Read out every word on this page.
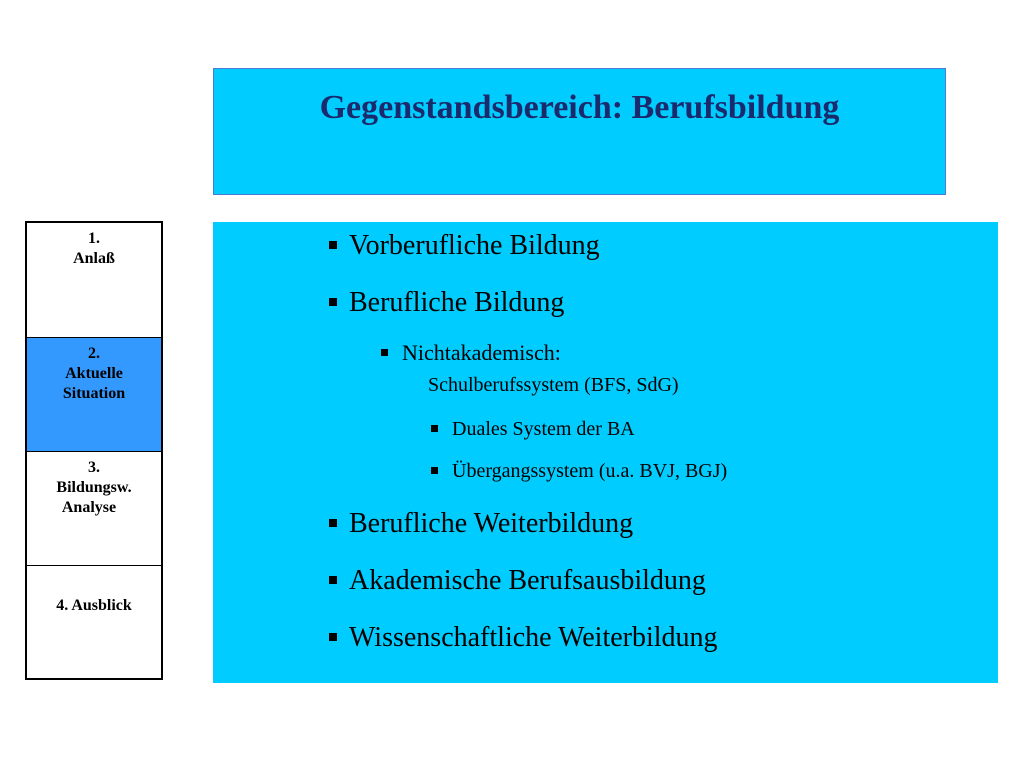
Gegenstandsbereich: Berufsbildung
1.
Anlaß
2.
Aktuelle
Situation
3.
Bildungsw.
Analyse
4. Ausblick
Vorberufliche Bildung
Berufliche Bildung
Nichtakademisch:
Schulberufssystem (BFS, SdG)
Duales System der BA
Übergangssystem (u.a. BVJ, BGJ)
Berufliche Weiterbildung
Akademische Berufsausbildung
Wissenschaftliche Weiterbildung
